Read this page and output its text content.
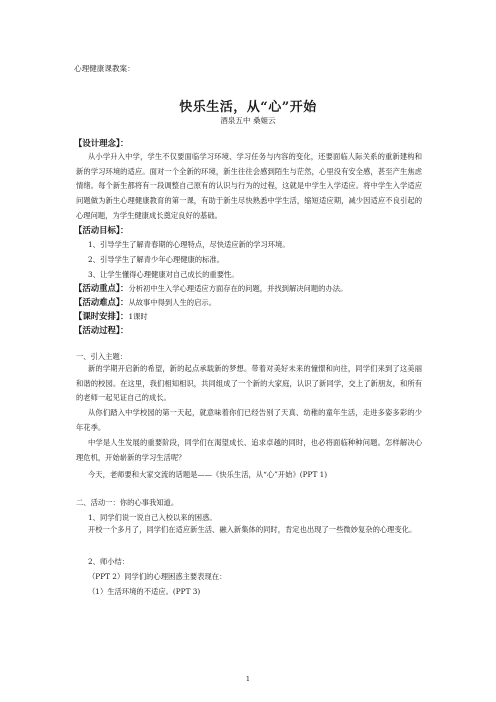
心理健康课教案：
快乐生活，从“心”开始
酒泉五中 桑姬云
【设计理念】：
从小学升入中学，学生不仅要面临学习环境、学习任务与内容的变化，还要面临人际关系的重新建构和新的学习环境的适应。面对一个全新的环境，新生往往会感到陌生与茫然，心里没有安全感，甚至产生焦虑情绪。每个新生都将有一段调整自己原有的认识与行为的过程，这就是中学生入学适应。将中学生入学适应问题做为新生心理健康教育的第一课，有助于新生尽快熟悉中学生活，缩短适应期，减少因适应不良引起的心理问题，为学生健康成长奠定良好的基础。
【活动目标】：
1、引导学生了解青春期的心理特点，尽快适应新的学习环境。
2、引导学生了解青少年心理健康的标准。
3、让学生懂得心理健康对自己成长的重要性。
【活动重点】：分析初中生入学心理适应方面存在的问题，并找到解决问题的办法。
【活动难点】：从故事中得到人生的启示。
【课时安排】：1课时
【活动过程】：
一、引入主题：
新的学期开启新的希望，新的起点承载新的梦想。带着对美好未来的憧憬和向往，同学们来到了这美丽和谐的校园。在这里，我们相知相识，共同组成了一个新的大家庭，认识了新同学，交上了新朋友，和所有的老师一起见证自己的成长。
从你们踏入中学校园的第一天起，就意味着你们已经告别了天真、幼稚的童年生活，走进多姿多彩的少年花季。
中学是人生发展的重要阶段，同学们在渴望成长、追求卓越的同时，也必将面临种种问题。怎样解决心理危机，开始崭新的学习生活呢？
今天，老师要和大家交流的话题是——《快乐生活，从“心”开始》(PPT 1)
二、活动一：你的心事我知道。
1、同学们说一说自己入校以来的困惑。
开校一个多月了，同学们在适应新生活、融入新集体的同时，肯定也出现了一些微妙复杂的心理变化。
2、师小结：
（PPT 2）同学们的心理困惑主要表现在：
（1）生活环境的不适应。(PPT 3)
1
